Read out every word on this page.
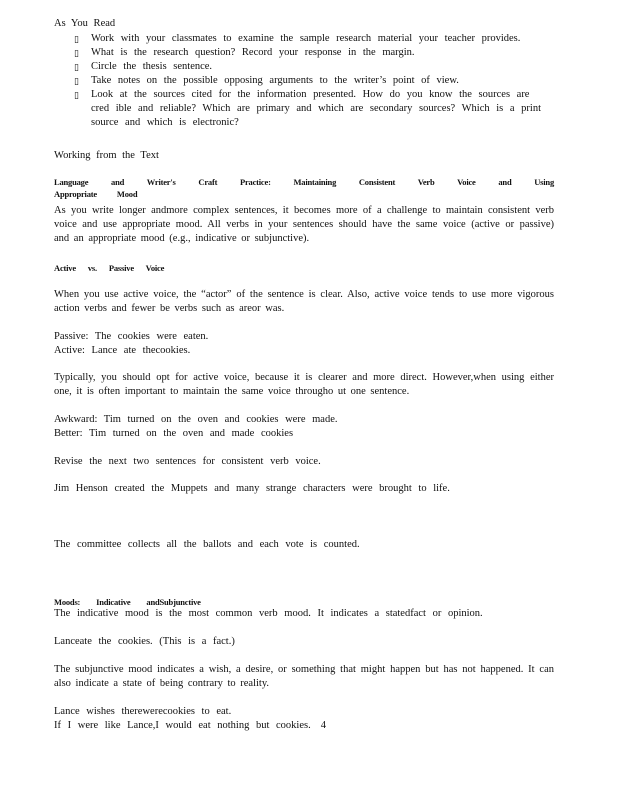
As You Read
▯ Work with your classmates to examine the sample research material your teacher provides.
▯ What is the research question? Record your response in the margin.
▯ Circle the thesis sentence.
▯ Take notes on the possible opposing arguments to the writer’s point of view.
▯ Look at the sources cited for the information presented. How do you know the sources are cred ible and reliable? Which are primary and which are secondary sources? Which is a print source and which is electronic?
Working from the Text
Language and Writer's Craft Practice: Maintaining Consistent Verb Voice and Using Appropriate Mood
As you write longer andmore complex sentences, it becomes more of a challenge to maintain consistent verb voice and use appropriate mood. All verbs in your sentences should have the same voice (active or passive) and an appropriate mood (e.g., indicative or subjunctive).
Active vs. Passive Voice
When you use active voice, the “actor” of the sentence is clear. Also, active voice tends to use more vigorous action verbs and fewer be verbs such as areor was.
Passive: The cookies were eaten.
Active: Lance ate thecookies.
Typically, you should opt for active voice, because it is clearer and more direct. However,when using either one, it is often important to maintain the same voice througho ut one sentence.
Awkward: Tim turned on the oven and cookies were made.
Better: Tim turned on the oven and made cookies
Revise the next two sentences for consistent verb voice.
Jim Henson created the Muppets and many strange characters were brought to life.
The committee collects all the ballots and each vote is counted.
Moods: Indicative andSubjunctive
The indicative mood is the most common verb mood. It indicates a statedfact or opinion.
Lanceate the cookies. (This is a fact.)
The subjunctive mood indicates a wish, a desire, or something that might happen but has not happened. It can also indicate a state of being contrary to reality.
Lance wishes therewerecookies to eat.
If I were like Lance,I would eat nothing but cookies. 4
